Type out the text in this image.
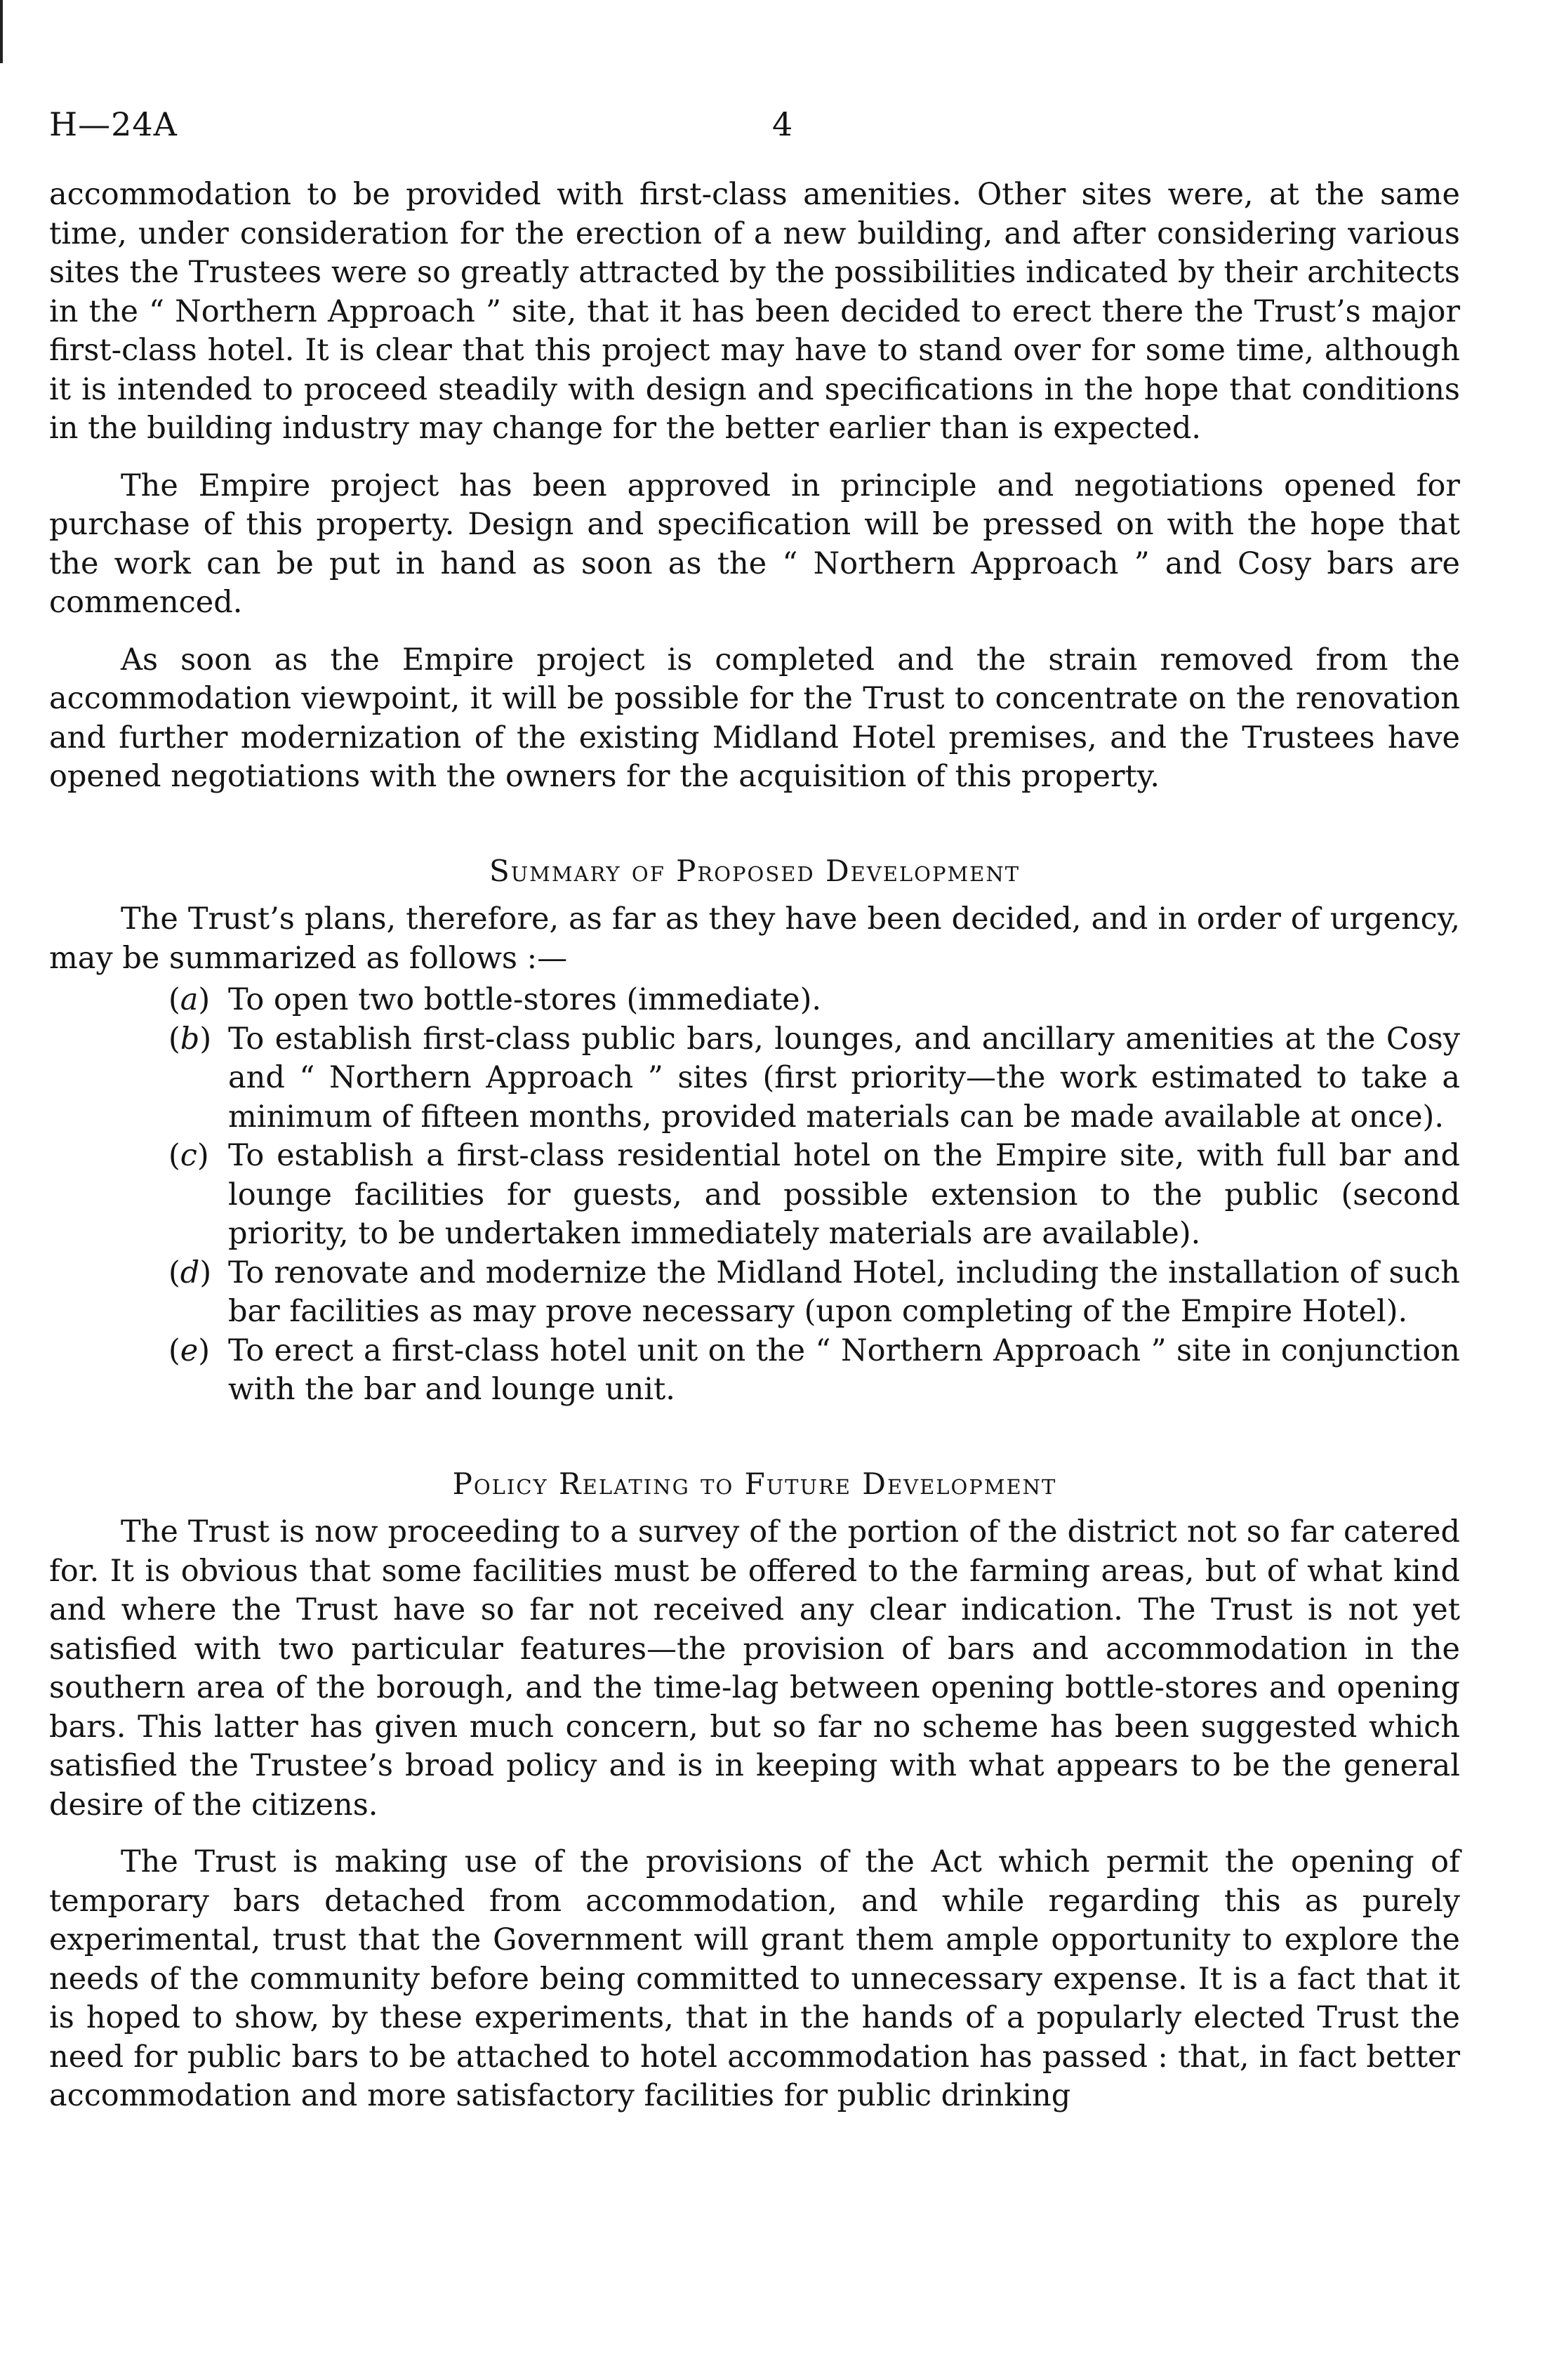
H—24A	4

accommodation to be provided with first-class amenities. Other sites were, at the same time, under consideration for the erection of a new building, and after considering various sites the Trustees were so greatly attracted by the possibilities indicated by their architects in the “ Northern Approach ” site, that it has been decided to erect there the Trust’s major first-class hotel. It is clear that this project may have to stand over for some time, although it is intended to proceed steadily with design and specifications in the hope that conditions in the building industry may change for the better earlier than is expected.

The Empire project has been approved in principle and negotiations opened for purchase of this property. Design and specification will be pressed on with the hope that the work can be put in hand as soon as the “ Northern Approach ” and Cosy bars are commenced.

As soon as the Empire project is completed and the strain removed from the accommodation viewpoint, it will be possible for the Trust to concentrate on the renovation and further modernization of the existing Midland Hotel premises, and the Trustees have opened negotiations with the owners for the acquisition of this property.

Summary of Proposed Development

The Trust’s plans, therefore, as far as they have been decided, and in order of urgency, may be summarized as follows :—

(a) To open two bottle-stores (immediate).
(b) To establish first-class public bars, lounges, and ancillary amenities at the Cosy and “ Northern Approach ” sites (first priority—the work estimated to take a minimum of fifteen months, provided materials can be made available at once).
(c) To establish a first-class residential hotel on the Empire site, with full bar and lounge facilities for guests, and possible extension to the public (second priority, to be undertaken immediately materials are available).
(d) To renovate and modernize the Midland Hotel, including the installation of such bar facilities as may prove necessary (upon completing of the Empire Hotel).
(e) To erect a first-class hotel unit on the “ Northern Approach ” site in conjunction with the bar and lounge unit.
Policy Relating to Future Development

The Trust is now proceeding to a survey of the portion of the district not so far catered for. It is obvious that some facilities must be offered to the farming areas, but of what kind and where the Trust have so far not received any clear indication. The Trust is not yet satisfied with two particular features—the provision of bars and accommodation in the southern area of the borough, and the time-lag between opening bottle-stores and opening bars. This latter has given much concern, but so far no scheme has been suggested which satisfied the Trustee’s broad policy and is in keeping with what appears to be the general desire of the citizens.

The Trust is making use of the provisions of the Act which permit the opening of temporary bars detached from accommodation, and while regarding this as purely experimental, trust that the Government will grant them ample opportunity to explore the needs of the community before being committed to unnecessary expense. It is a fact that it is hoped to show, by these experiments, that in the hands of a popularly elected Trust the need for public bars to be attached to hotel accommodation has passed : that, in fact better accommodation and more satisfactory facilities for public drinking
